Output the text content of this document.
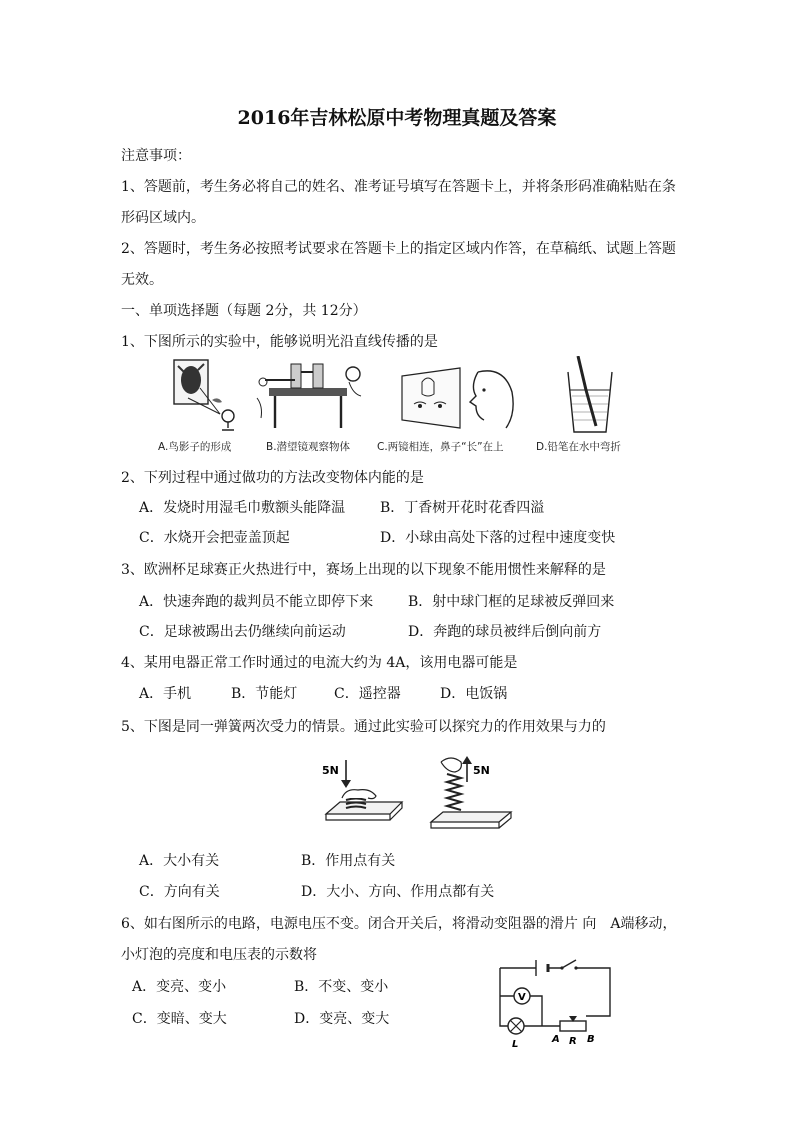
2016年吉林松原中考物理真题及答案
注意事项：
1、答题前，考生务必将自己的姓名、准考证号填写在答题卡上，并将条形码准确粘贴在条
形码区域内。
2、答题时，考生务必按照考试要求在答题卡上的指定区域内作答，在草稿纸、试题上答题
无效。
一、单项选择题（每题 2分，共 12分）
1、下图所示的实验中，能够说明光沿直线传播的是
A.鸟影子的形成	B.潜望镜观察物体	C.两镜相连，鼻子“长”在上	D.铅笔在水中弯折
2、下列过程中通过做功的方法改变物体内能的是
A．发烧时用湿毛巾敷额头能降温 B．丁香树开花时花香四溢
C．水烧开会把壶盖顶起	D．小球由高处下落的过程中速度变快
3、欧洲杯足球赛正火热进行中，赛场上出现的以下现象不能用惯性来解释的是
A．快速奔跑的裁判员不能立即停下来 B．射中球门框的足球被反弹回来
C．足球被踢出去仍继续向前运动	D．奔跑的球员被绊后倒向前方
4、某用电器正常工作时通过的电流大约为 4A，该用电器可能是
A．手机	B．节能灯	C．遥控器	D．电饭锅
5、下图是同一弹簧两次受力的情景。通过此实验可以探究力的作用效果与力的
5N	5N
A．大小有关	B．作用点有关
C．方向有关	D．大小、方向、作用点都有关
6、如右图所示的电路，电源电压不变。闭合开关后，将滑动变阻器的滑片 向　A端移动，
小灯泡的亮度和电压表的示数将
A．变亮、变小	B．不变、变小
C．变暗、变大	D．变亮、变大
V
L	A R B
